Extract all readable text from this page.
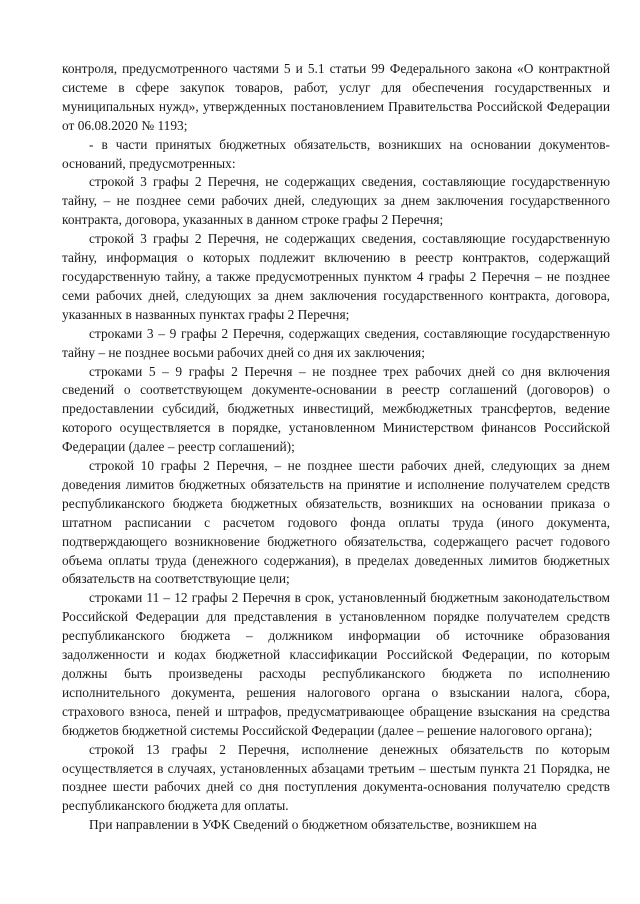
контроля, предусмотренного частями 5 и 5.1 статьи 99 Федерального закона «О контрактной системе в сфере закупок товаров, работ, услуг для обеспечения государственных и муниципальных нужд», утвержденных постановлением Правительства Российской Федерации от 06.08.2020 № 1193;

- в части принятых бюджетных обязательств, возникших на основании документов-оснований, предусмотренных:

строкой 3 графы 2 Перечня, не содержащих сведения, составляющие государственную тайну, – не позднее семи рабочих дней, следующих за днем заключения государственного контракта, договора, указанных в данном строке графы 2 Перечня;

строкой 3 графы 2 Перечня, не содержащих сведения, составляющие государственную тайну, информация о которых подлежит включению в реестр контрактов, содержащий государственную тайну, а также предусмотренных пунктом 4 графы 2 Перечня – не позднее семи рабочих дней, следующих за днем заключения государственного контракта, договора, указанных в названных пунктах графы 2 Перечня;

строками 3 – 9 графы 2 Перечня, содержащих сведения, составляющие государственную тайну – не позднее восьми рабочих дней со дня их заключения;

строками 5 – 9 графы 2 Перечня – не позднее трех рабочих дней со дня включения сведений о соответствующем документе-основании в реестр соглашений (договоров) о предоставлении субсидий, бюджетных инвестиций, межбюджетных трансфертов, ведение которого осуществляется в порядке, установленном Министерством финансов Российской Федерации (далее – реестр соглашений);

строкой 10 графы 2 Перечня, – не позднее шести рабочих дней, следующих за днем доведения лимитов бюджетных обязательств на принятие и исполнение получателем средств республиканского бюджета бюджетных обязательств, возникших на основании приказа о штатном расписании с расчетом годового фонда оплаты труда (иного документа, подтверждающего возникновение бюджетного обязательства, содержащего расчет годового объема оплаты труда (денежного содержания), в пределах доведенных лимитов бюджетных обязательств на соответствующие цели;

строками 11 – 12 графы 2 Перечня в срок, установленный бюджетным законодательством Российской Федерации для представления в установленном порядке получателем средств республиканского бюджета – должником информации об источнике образования задолженности и кодах бюджетной классификации Российской Федерации, по которым должны быть произведены расходы республиканского бюджета по исполнению исполнительного документа, решения налогового органа о взыскании налога, сбора, страхового взноса, пеней и штрафов, предусматривающее обращение взыскания на средства бюджетов бюджетной системы Российской Федерации (далее – решение налогового органа);

строкой 13 графы 2 Перечня, исполнение денежных обязательств по которым осуществляется в случаях, установленных абзацами третьим – шестым пункта 21 Порядка, не позднее шести рабочих дней со дня поступления документа-основания получателю средств республиканского бюджета для оплаты.

При направлении в УФК Сведений о бюджетном обязательстве, возникшем на
